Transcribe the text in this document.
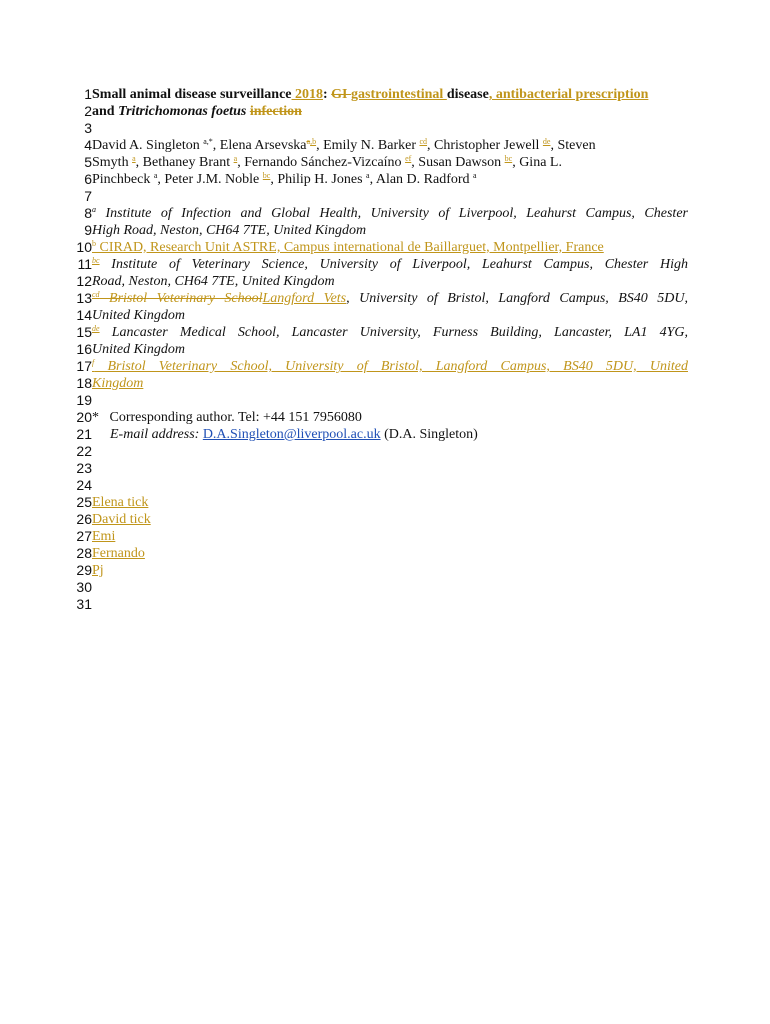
1 Small animal disease surveillance 2018: GI gastrointestinal disease, antibacterial prescription
2 and Tritrichomonas foetus infection
3
4 David A. Singleton $^{a,*}$, Elena Arsevska$^{a,b}$, Emily N. Barker $^{cd}$, Christopher Jewell $^{de}$, Steven
5 Smyth $^a$, Bethaney Brant $^a$, Fernando Sánchez-Vizcaíno $^{ef}$, Susan Dawson $^{bc}$, Gina L.
6 Pinchbeck $^a$, Peter J.M. Noble $^{bc}$, Philip H. Jones $^a$, Alan D. Radford $^a$
7
8 $^a$ Institute of Infection and Global Health, University of Liverpool, Leahurst Campus, Chester
9 High Road, Neston, CH64 7TE, United Kingdom
10 $^b$ CIRAD, Research Unit ASTRE, Campus international de Baillarguet, Montpellier, France
11 $^{bc}$ Institute of Veterinary Science, University of Liverpool, Leahurst Campus, Chester High
12 Road, Neston, CH64 7TE, United Kingdom
13 $^{cd}$ Bristol Veterinary SchoolLangford Vets, University of Bristol, Langford Campus, BS40 5DU,
14 United Kingdom
15 $^{de}$ Lancaster Medical School, Lancaster University, Furness Building, Lancaster, LA1 4YG,
16 United Kingdom
17 $^f$ Bristol Veterinary School, University of Bristol, Langford Campus, BS40 5DU, United
18 Kingdom
19
20 *   Corresponding author. Tel: +44 151 7956080
21 E-mail address: D.A.Singleton@liverpool.ac.uk (D.A. Singleton)
22
23
24
25 Elena tick
26 David tick
27 Emi
28 Fernando
29 Pj
30
31
